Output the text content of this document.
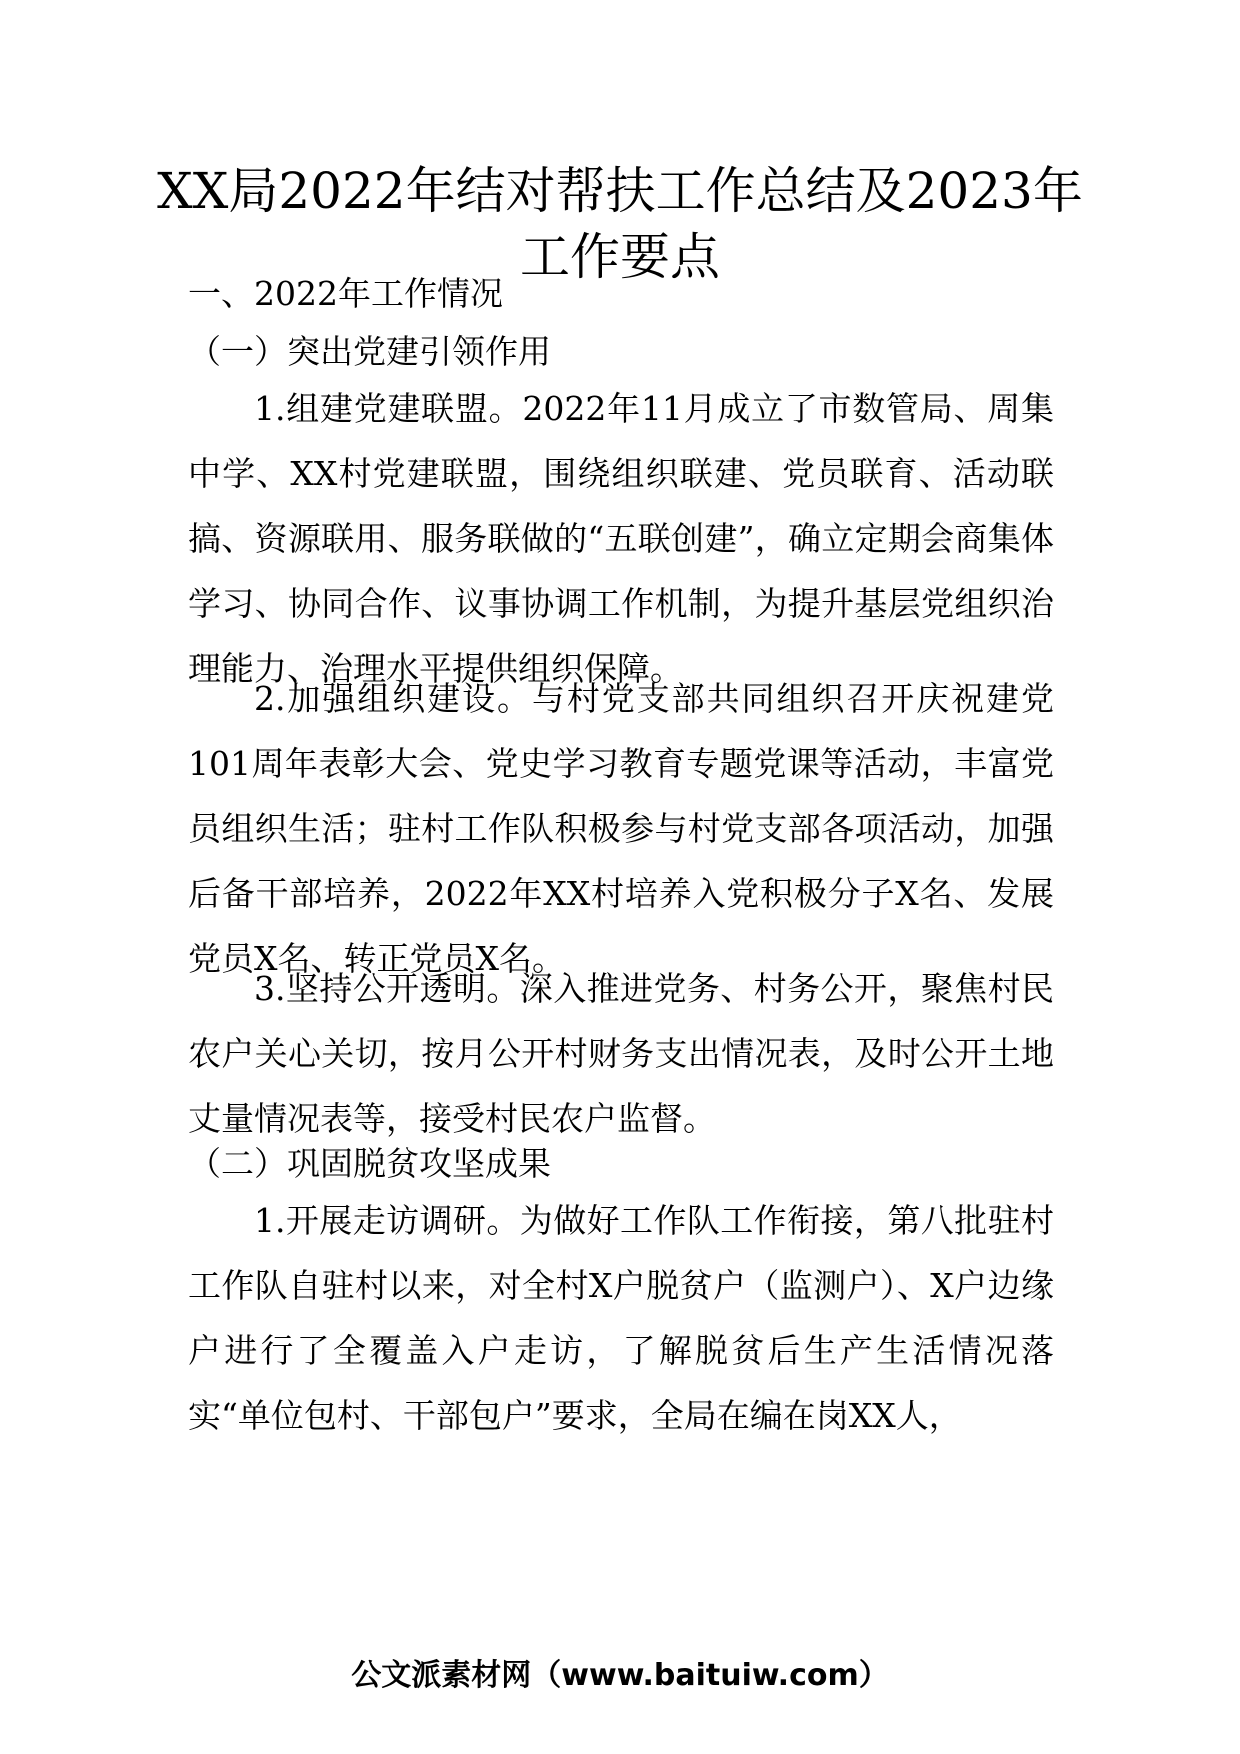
XX局2022年结对帮扶工作总结及2023年
工作要点
一、2022年工作情况
（一）突出党建引领作用

1.组建党建联盟。2022年11月成立了市数管局、周集中学、XX村党建联盟，围绕组织联建、党员联育、活动联搞、资源联用、服务联做的“五联创建”，确立定期会商集体学习、协同合作、议事协调工作机制，为提升基层党组织治理能力、治理水平提供组织保障。

2.加强组织建设。与村党支部共同组织召开庆祝建党101周年表彰大会、党史学习教育专题党课等活动，丰富党员组织生活；驻村工作队积极参与村党支部各项活动，加强后备干部培养，2022年XX村培养入党积极分子X名、发展党员X名、转正党员X名。

3.坚持公开透明。深入推进党务、村务公开，聚焦村民农户关心关切，按月公开村财务支出情况表，及时公开土地丈量情况表等，接受村民农户监督。

（二）巩固脱贫攻坚成果

1.开展走访调研。为做好工作队工作衔接，第八批驻村工作队自驻村以来，对全村X户脱贫户（监测户）、X户边缘户进行了全覆盖入户走访，了解脱贫后生产生活情况落实“单位包村、干部包户”要求，全局在编在岗XX人，

公文派素材网（www.baituiw.com）
